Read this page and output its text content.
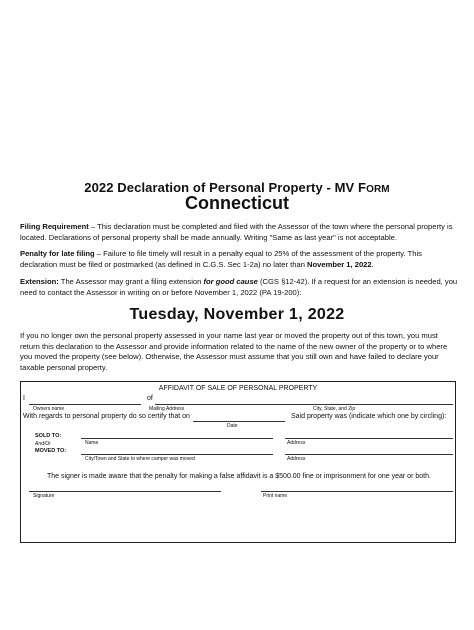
2022 Declaration of Personal Property - MV FORM
Connecticut
Filing Requirement – This declaration must be completed and filed with the Assessor of the town where the personal property is located. Declarations of personal property shall be made annually. Writing "Same as last year" is not acceptable.
Penalty for late filing – Failure to file timely will result in a penalty equal to 25% of the assessment of the property. This declaration must be filed or postmarked (as defined in C.G.S. Sec 1-2a) no later than November 1, 2022.
Extension: The Assessor may grant a filing extension for good cause (CGS §12-42). If a request for an extension is needed, you need to contact the Assessor in writing on or before November 1, 2022 (PA 19-200):
Tuesday, November 1, 2022
If you no longer own the personal property assessed in your name last year or moved the property out of this town, you must return this declaration to the Assessor and provide information related to the name of the new owner of the property or to where you moved the property (see below). Otherwise, the Assessor must assume that you still own and have failed to declare your taxable personal property.
AFFIDAVIT OF SALE OF PERSONAL PROPERTY
I	of
Owners name	Mailing Address	City, State, and Zip
With regards to personal property do so certify that on	Said property was (indicate which one by circling):
Date
SOLD TO:
And/Or	Name	Address
MOVED TO:
City/Town and State to where camper was moved	Address
The signer is made aware that the penalty for making a false affidavit is a $500.00 fine or imprisonment for one year or both.
Signature	Print name
